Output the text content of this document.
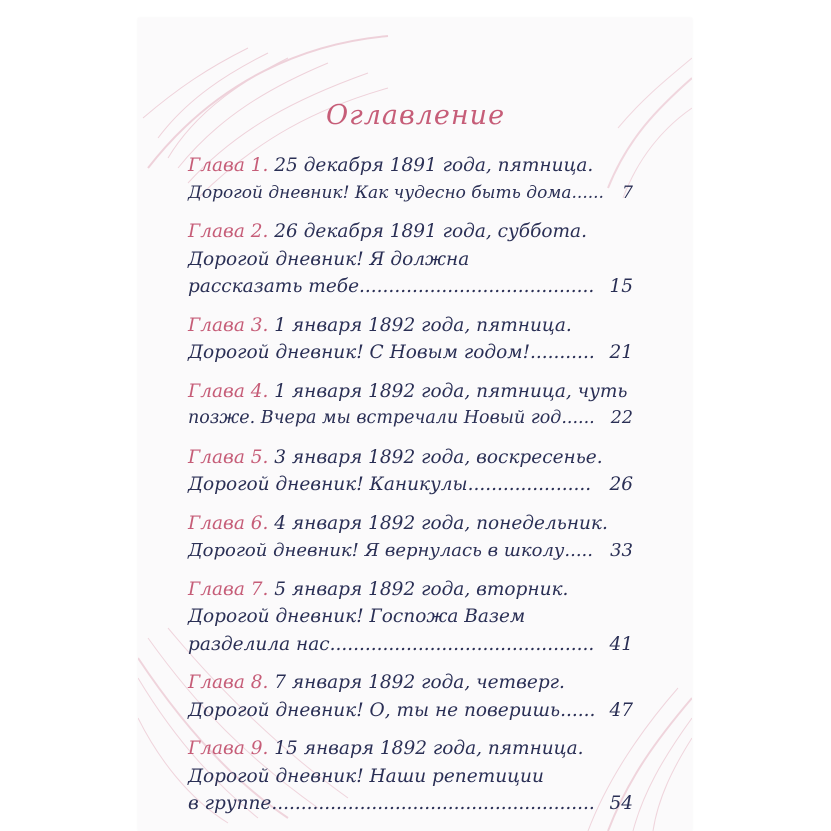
Оглавление
Глава 1. 25 декабря 1891 года, пятница.
Дорогой дневник! Как чудесно быть дома...... 7
Глава 2. 26 декабря 1891 года, суббота.
Дорогой дневник! Я должна
рассказать тебе........................................ 15
Глава 3. 1 января 1892 года, пятница.
Дорогой дневник! С Новым годом!........... 21
Глава 4. 1 января 1892 года, пятница, чуть
позже. Вчера мы встречали Новый год...... 22
Глава 5. 3 января 1892 года, воскресенье.
Дорогой дневник! Каникулы..................... 26
Глава 6. 4 января 1892 года, понедельник.
Дорогой дневник! Я вернулась в школу..... 33
Глава 7. 5 января 1892 года, вторник.
Дорогой дневник! Госпожа Вазем
разделила нас............................................. 41
Глава 8. 7 января 1892 года, четверг.
Дорогой дневник! О, ты не поверишь...... 47
Глава 9. 15 января 1892 года, пятница.
Дорогой дневник! Наши репетиции
в группе....................................................... 54
